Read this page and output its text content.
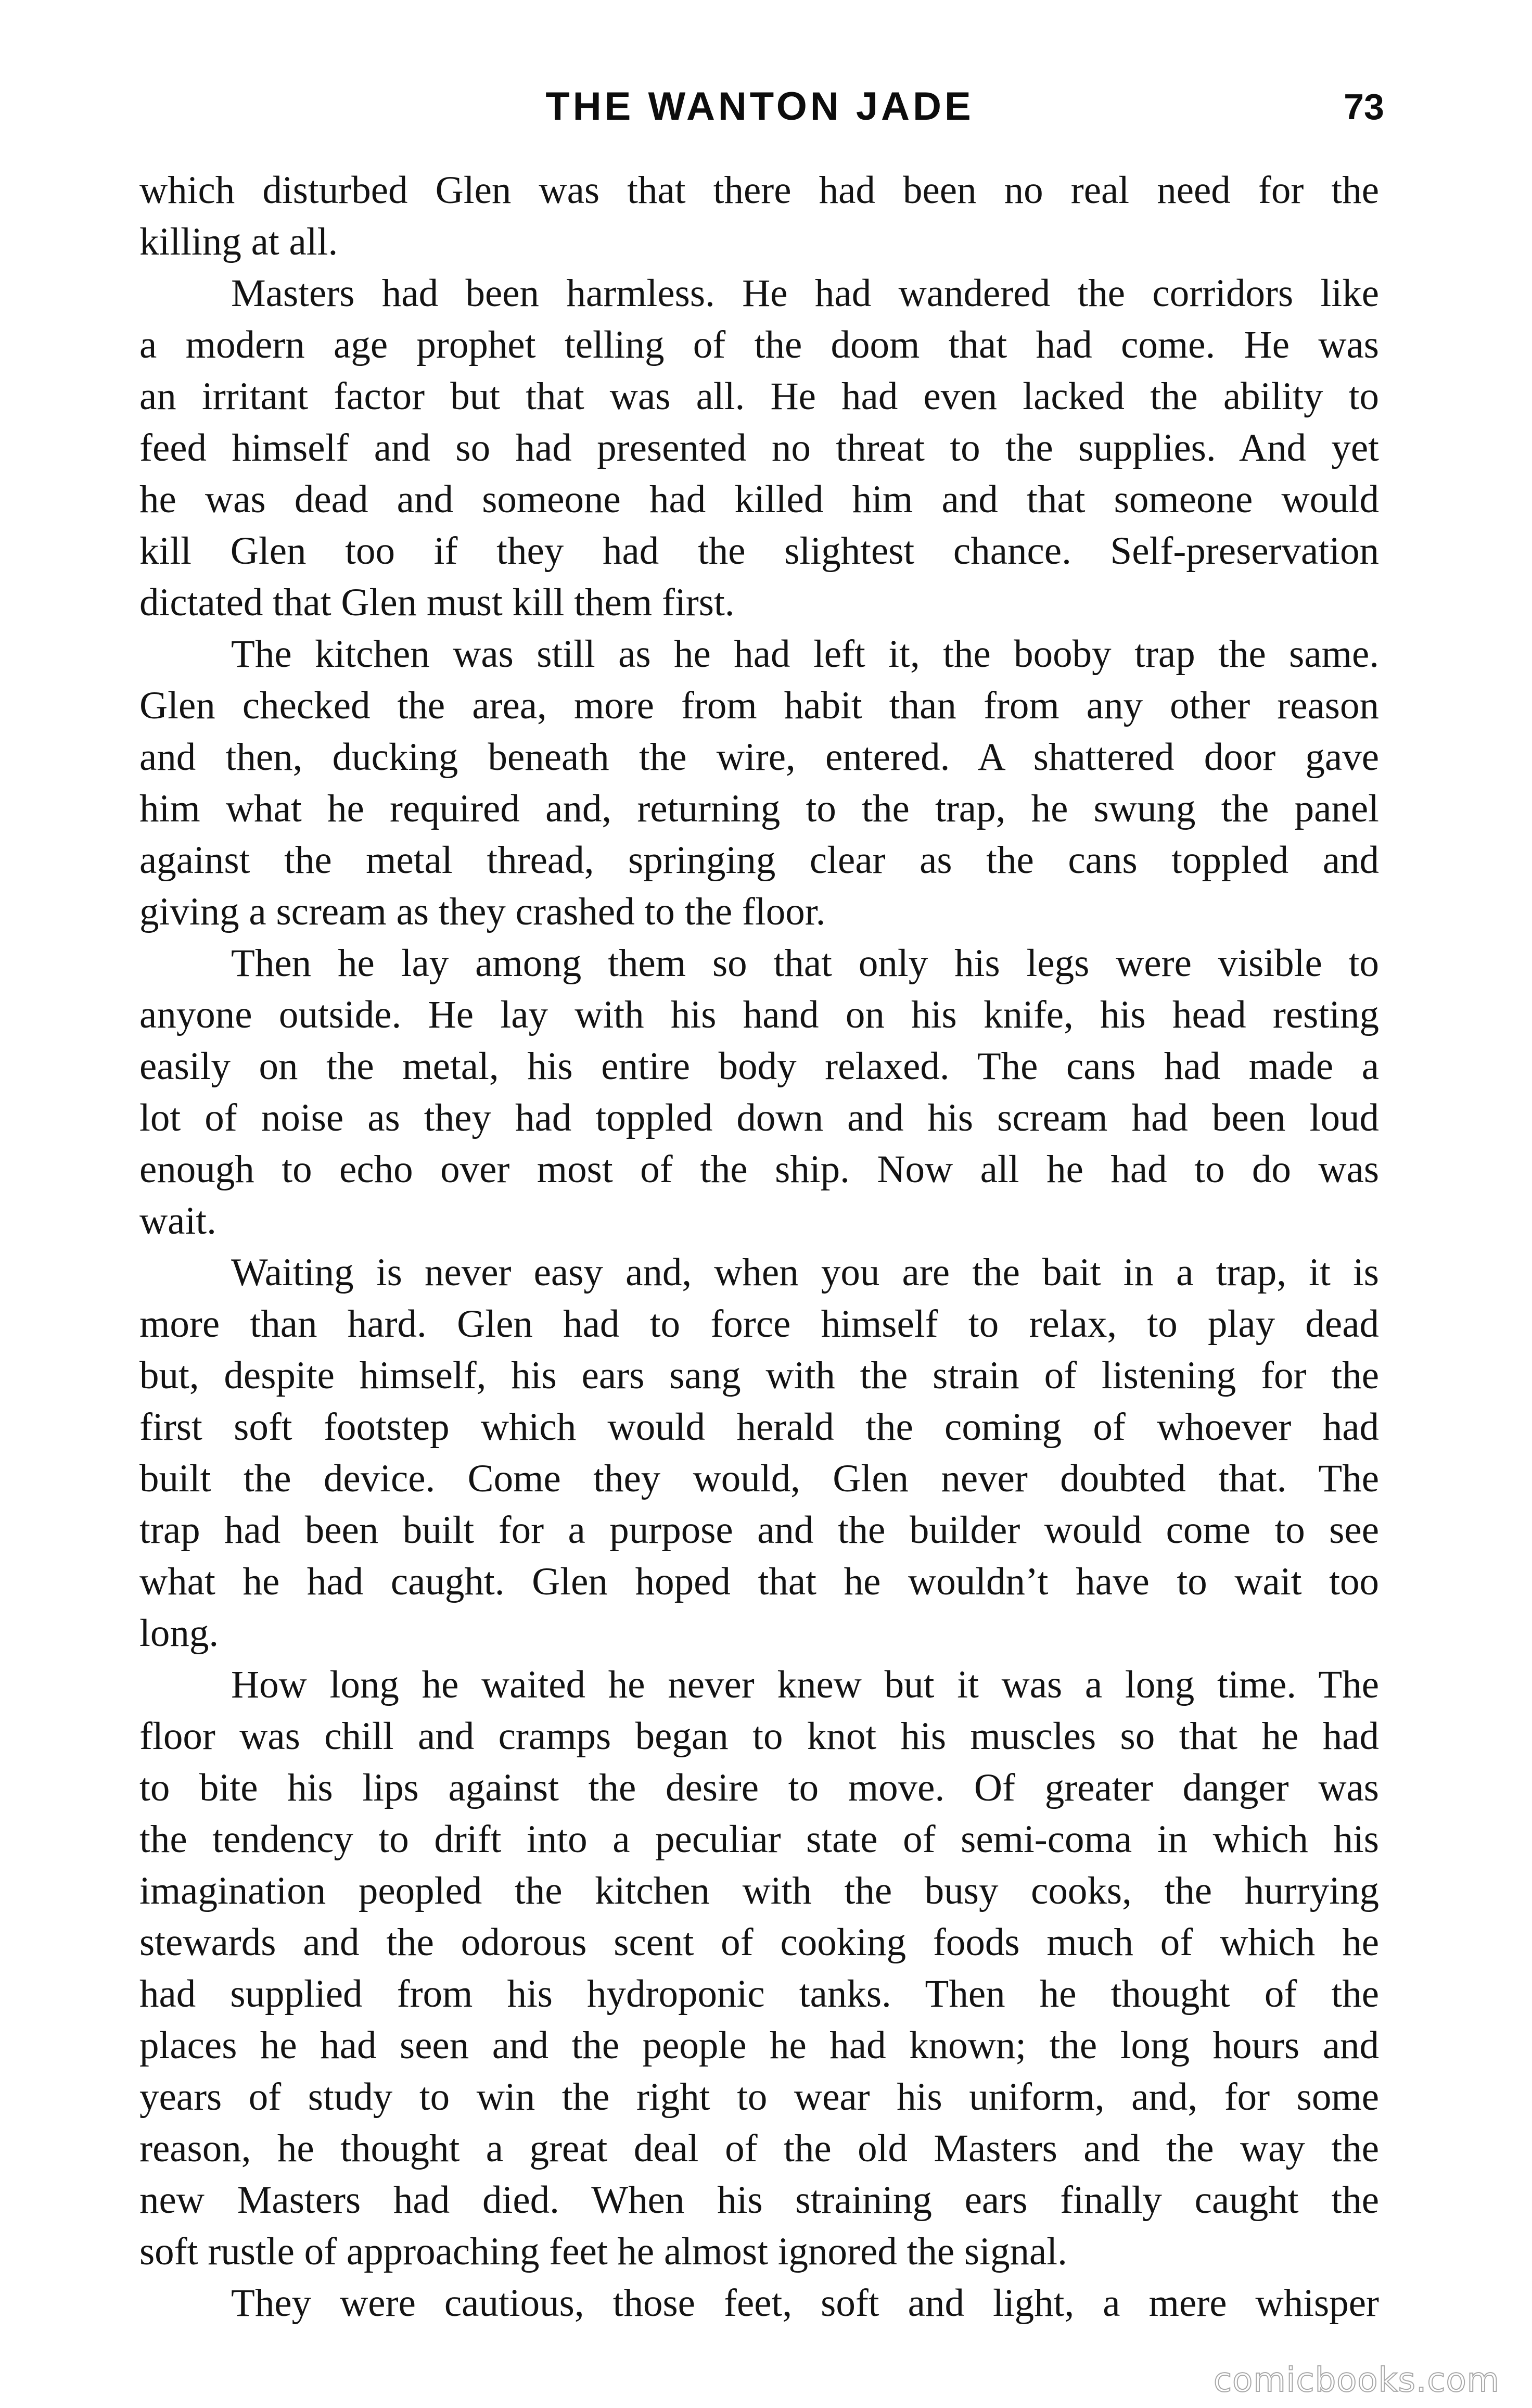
THE WANTON JADE	73
which disturbed Glen was that there had been no real need for the
killing at all.
Masters had been harmless. He had wandered the corridors like
a modern age prophet telling of the doom that had come. He was
an irritant factor but that was all. He had even lacked the ability to
feed himself and so had presented no threat to the supplies. And yet
he was dead and someone had killed him and that someone would
kill Glen too if they had the slightest chance. Self-preservation
dictated that Glen must kill them first.
The kitchen was still as he had left it, the booby trap the same.
Glen checked the area, more from habit than from any other reason
and then, ducking beneath the wire, entered. A shattered door gave
him what he required and, returning to the trap, he swung the panel
against the metal thread, springing clear as the cans toppled and
giving a scream as they crashed to the floor.
Then he lay among them so that only his legs were visible to
anyone outside. He lay with his hand on his knife, his head resting
easily on the metal, his entire body relaxed. The cans had made a
lot of noise as they had toppled down and his scream had been loud
enough to echo over most of the ship. Now all he had to do was
wait.
Waiting is never easy and, when you are the bait in a trap, it is
more than hard. Glen had to force himself to relax, to play dead
but, despite himself, his ears sang with the strain of listening for the
first soft footstep which would herald the coming of whoever had
built the device. Come they would, Glen never doubted that. The
trap had been built for a purpose and the builder would come to see
what he had caught. Glen hoped that he wouldn’t have to wait too
long.
How long he waited he never knew but it was a long time. The
floor was chill and cramps began to knot his muscles so that he had
to bite his lips against the desire to move. Of greater danger was
the tendency to drift into a peculiar state of semi-coma in which his
imagination peopled the kitchen with the busy cooks, the hurrying
stewards and the odorous scent of cooking foods much of which he
had supplied from his hydroponic tanks. Then he thought of the
places he had seen and the people he had known; the long hours and
years of study to win the right to wear his uniform, and, for some
reason, he thought a great deal of the old Masters and the way the
new Masters had died. When his straining ears finally caught the
soft rustle of approaching feet he almost ignored the signal.
They were cautious, those feet, soft and light, a mere whisper
comicbooks.com
